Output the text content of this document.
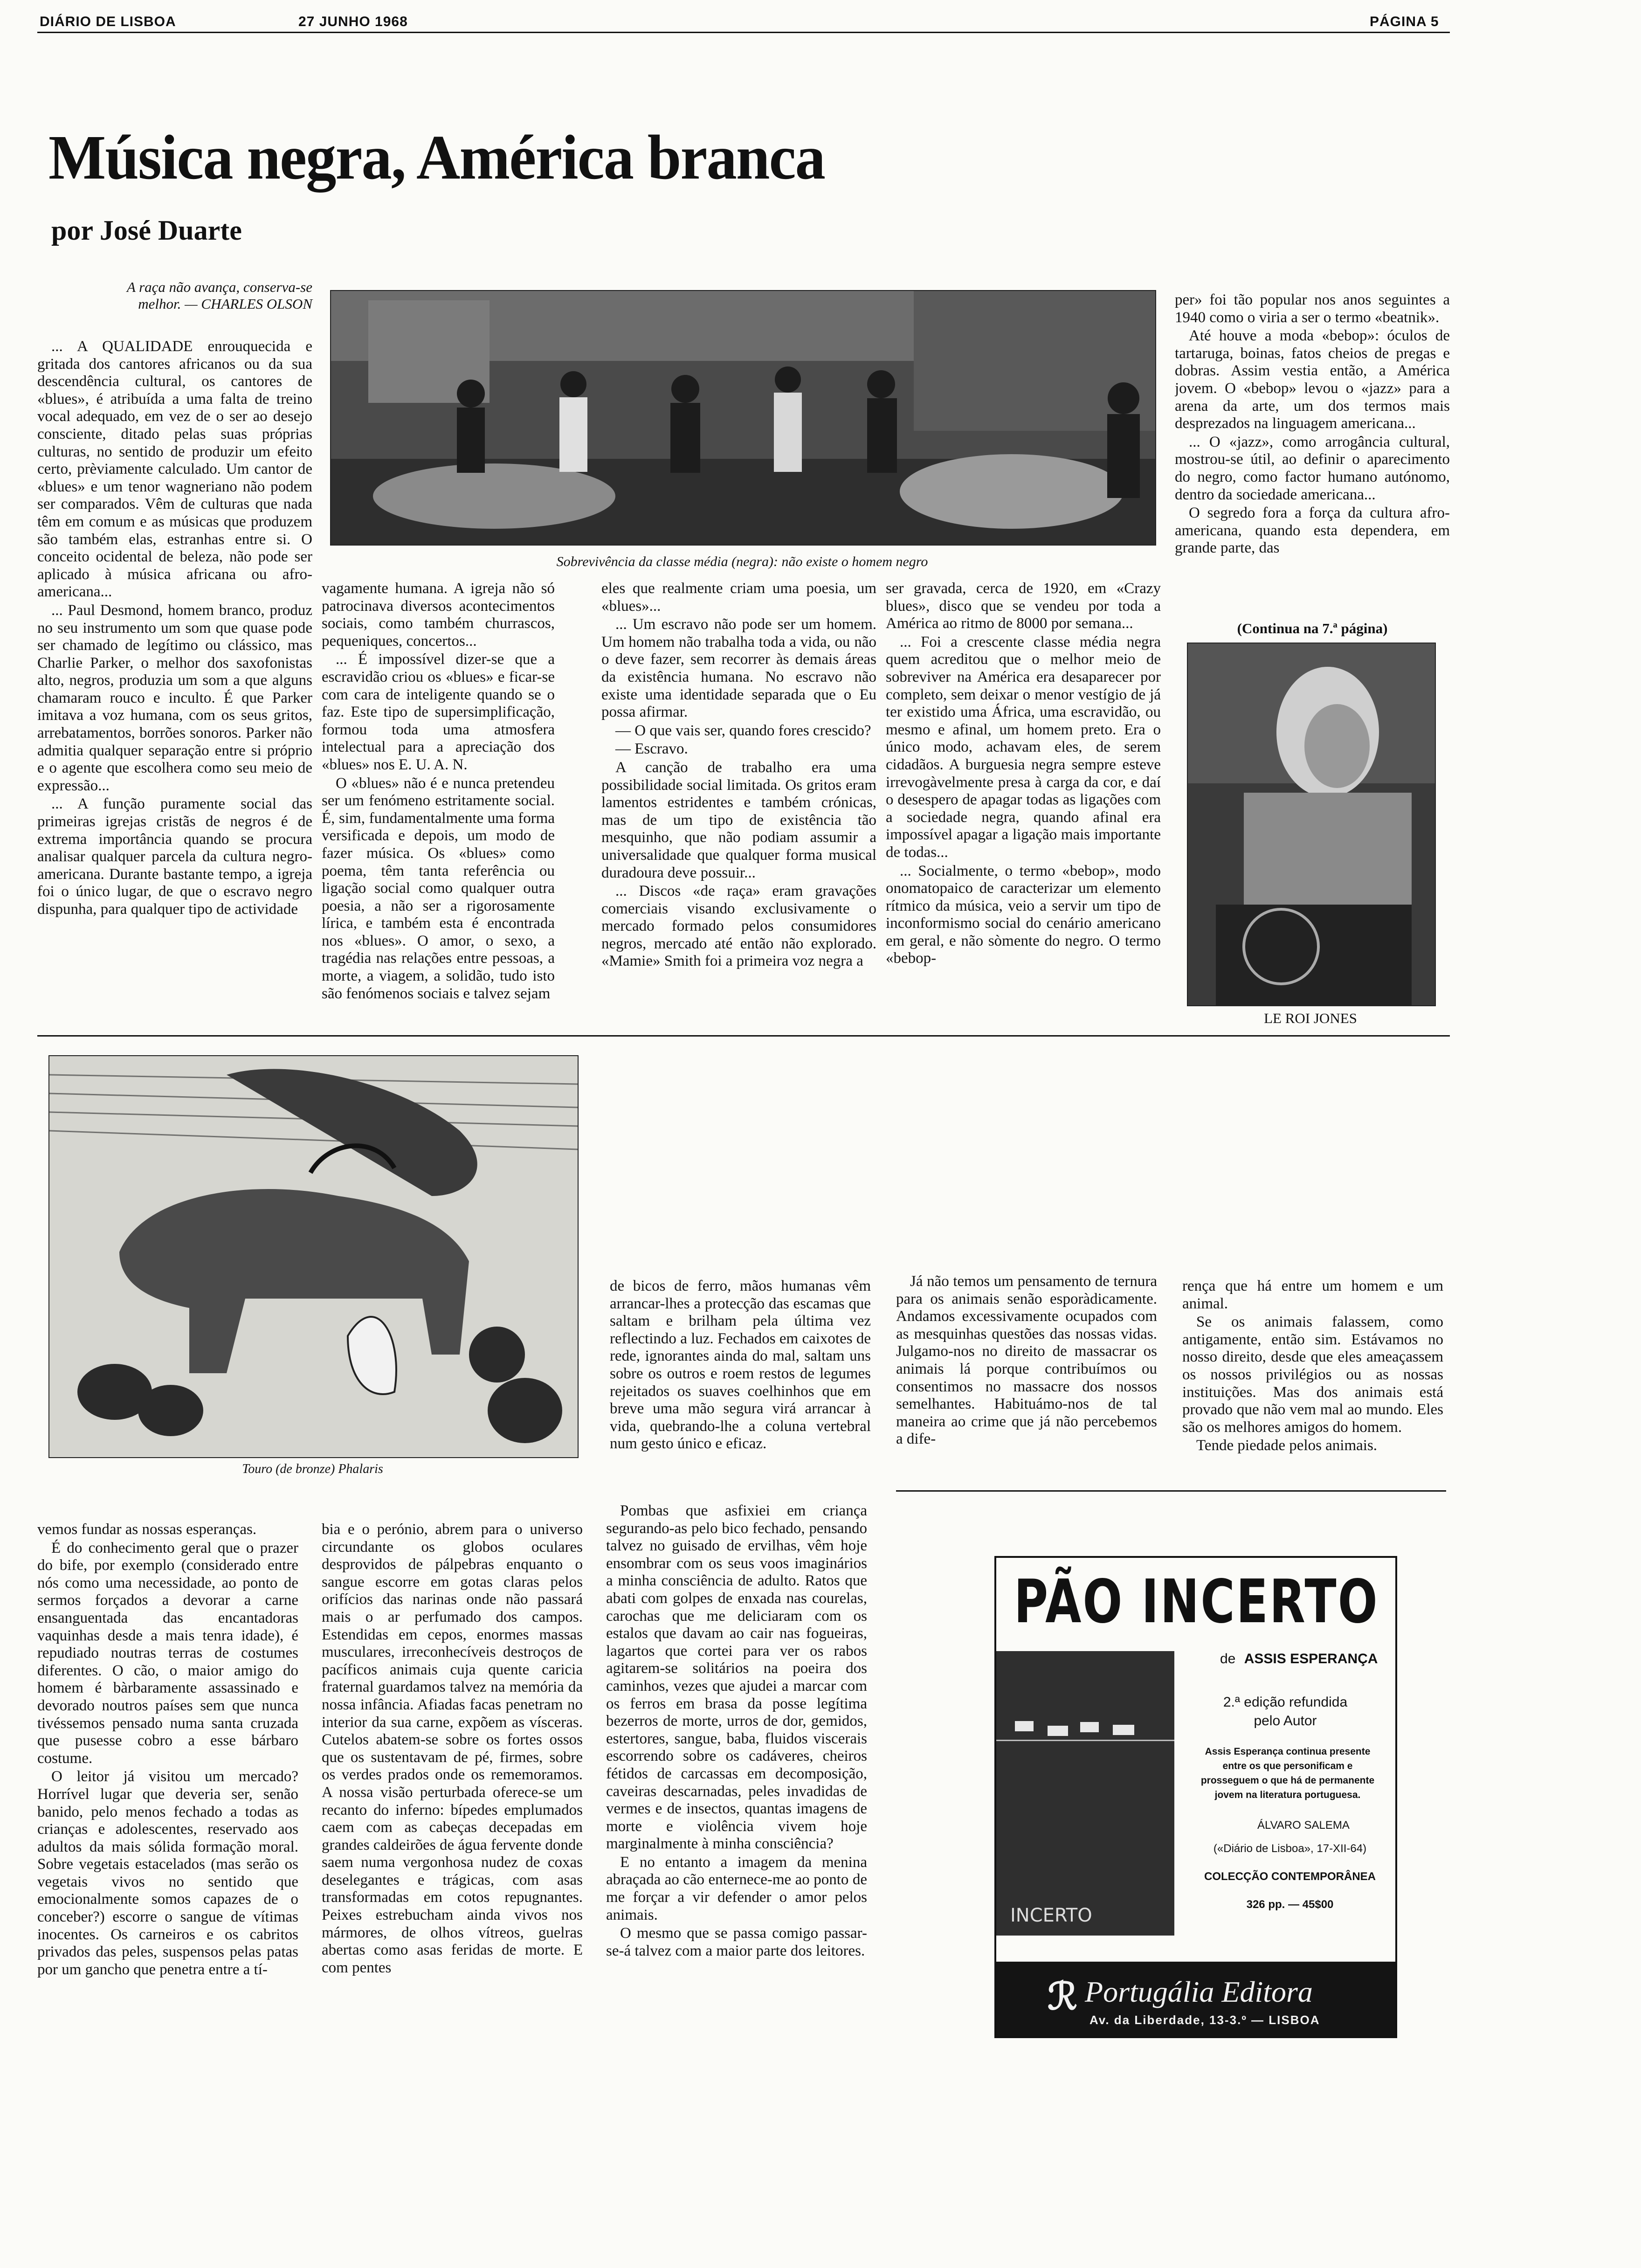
DIÁRIO DE LISBOA	27 JUNHO 1968	PÁGINA 5
Música negra, América branca
por José Duarte
A raça não avança, conserva-se
melhor. — CHARLES OLSON

... A QUALIDADE enrouquecida e gritada dos cantores africanos ou da sua descendência cultural, os cantores de «blues», é atribuída a uma falta de treino vocal adequado, em vez de o ser ao desejo consciente, ditado pelas suas próprias culturas, no sentido de produzir um efeito certo, prèviamente calculado. Um cantor de «blues» e um tenor wagneriano não podem ser comparados. Vêm de culturas que nada têm em comum e as músicas que produzem são também elas, estranhas entre si. O conceito ocidental de beleza, não pode ser aplicado à música africana ou afro-americana...

... Paul Desmond, homem branco, produz no seu instrumento um som que quase pode ser chamado de legítimo ou clássico, mas Charlie Parker, o melhor dos saxofonistas alto, negros, produzia um som a que alguns chamaram rouco e inculto. É que Parker imitava a voz humana, com os seus gritos, arrebatamentos, borrões sonoros. Parker não admitia qualquer separação entre si próprio e o agente que escolhera como seu meio de expressão...

... A função puramente social das primeiras igrejas cristãs de negros é de extrema importância quando se procura analisar qualquer parcela da cultura negro-americana. Durante bastante tempo, a igreja foi o único lugar, de que o escravo negro dispunha, para qualquer tipo de actividade

Sobrevivência da classe média (negra): não existe o homem negro

vagamente humana. A igreja não só patrocinava diversos acontecimentos sociais, como também churrascos, pequeniques, concertos...

... É impossível dizer-se que a escravidão criou os «blues» e ficar-se com cara de inteligente quando se o faz. Este tipo de supersimplificação, formou toda uma atmosfera intelectual para a apreciação dos «blues» nos E. U. A. N.

O «blues» não é e nunca pretendeu ser um fenómeno estritamente social. É, sim, fundamentalmente uma forma versificada e depois, um modo de fazer música. Os «blues» como poema, têm tanta referência ou ligação social como qualquer outra poesia, a não ser a rigorosamente lírica, e também esta é encontrada nos «blues». O amor, o sexo, a tragédia nas relações entre pessoas, a morte, a viagem, a solidão, tudo isto são fenómenos sociais e talvez sejam

eles que realmente criam uma poesia, um «blues»...

... Um escravo não pode ser um homem. Um homem não trabalha toda a vida, ou não o deve fazer, sem recorrer às demais áreas da existência humana. No escravo não existe uma identidade separada que o Eu possa afirmar.

— O que vais ser, quando fores crescido?

— Escravo.

A canção de trabalho era uma possibilidade social limitada. Os gritos eram lamentos estridentes e também crónicas, mas de um tipo de existência tão mesquinho, que não podiam assumir a universalidade que qualquer forma musical duradoura deve possuir...

... Discos «de raça» eram gravações comerciais visando exclusivamente o mercado formado pelos consumidores negros, mercado até então não explorado. «Mamie» Smith foi a primeira voz negra a

ser gravada, cerca de 1920, em «Crazy blues», disco que se vendeu por toda a América ao ritmo de 8000 por semana...

... Foi a crescente classe média negra quem acreditou que o melhor meio de sobreviver na América era desaparecer por completo, sem deixar o menor vestígio de já ter existido uma África, uma escravidão, ou mesmo e afinal, um homem preto. Era o único modo, achavam eles, de serem cidadãos. A burguesia negra sempre esteve irrevogàvelmente presa à carga da cor, e daí o desespero de apagar todas as ligações com a sociedade negra, quando afinal era impossível apagar a ligação mais importante de todas...

... Socialmente, o termo «bebop», modo onomatopaico de caracterizar um elemento rítmico da música, veio a servir um tipo de inconformismo social do cenário americano em geral, e não sòmente do negro. O termo «bebop-

per» foi tão popular nos anos seguintes a 1940 como o viria a ser o termo «beatnik».

Até houve a moda «bebop»: óculos de tartaruga, boinas, fatos cheios de pregas e dobras. Assim vestia então, a América jovem. O «bebop» levou o «jazz» para a arena da arte, um dos termos mais desprezados na linguagem americana...

... O «jazz», como arrogância cultural, mostrou-se útil, ao definir o aparecimento do negro, como factor humano autónomo, dentro da sociedade americana...

O segredo fora a força da cultura afro-americana, quando esta dependera, em grande parte, das

(Continua na 7.ª página)
LE ROI JONES
Touro (de bronze) Phalaris

de bicos de ferro, mãos humanas vêm arrancar-lhes a protecção das escamas que saltam e brilham pela última vez reflectindo a luz. Fechados em caixotes de rede, ignorantes ainda do mal, saltam uns sobre os outros e roem restos de legumes rejeitados os suaves coelhinhos que em breve uma mão segura virá arrancar à vida, quebrando-lhe a coluna vertebral num gesto único e eficaz.

Já não temos um pensamento de ternura para os animais senão esporàdicamente. Andamos excessivamente ocupados com as mesquinhas questões das nossas vidas. Julgamo-nos no direito de massacrar os animais lá porque contribuímos ou consentimos no massacre dos nossos semelhantes. Habituámo-nos de tal maneira ao crime que já não percebemos a dife-

rença que há entre um homem e um animal.

Se os animais falassem, como antigamente, então sim. Estávamos no nosso direito, desde que eles ameaçassem os nossos privilégios ou as nossas instituições. Mas dos animais está provado que não vem mal ao mundo. Eles são os melhores amigos do homem.

Tende piedade pelos animais.

vemos fundar as nossas esperanças.

É do conhecimento geral que o prazer do bife, por exemplo (considerado entre nós como uma necessidade, ao ponto de sermos forçados a devorar a carne ensanguentada das encantadoras vaquinhas desde a mais tenra idade), é repudiado noutras terras de costumes diferentes. O cão, o maior amigo do homem é bàrbaramente assassinado e devorado noutros países sem que nunca tivéssemos pensado numa santa cruzada que pusesse cobro a esse bárbaro costume.

O leitor já visitou um mercado? Horrível lugar que deveria ser, senão banido, pelo menos fechado a todas as crianças e adolescentes, reservado aos adultos da mais sólida formação moral. Sobre vegetais estacelados (mas serão os vegetais vivos no sentido que emocionalmente somos capazes de o conceber?) escorre o sangue de vítimas inocentes. Os carneiros e os cabritos privados das peles, suspensos pelas patas por um gancho que penetra entre a tí-

bia e o perónio, abrem para o universo circundante os globos oculares desprovidos de pálpebras enquanto o sangue escorre em gotas claras pelos orifícios das narinas onde não passará mais o ar perfumado dos campos. Estendidas em cepos, enormes massas musculares, irreconhecíveis destroços de pacíficos animais cuja quente caricia fraternal guardamos talvez na memória da nossa infância. Afiadas facas penetram no interior da sua carne, expõem as vísceras. Cutelos abatem-se sobre os fortes ossos que os sustentavam de pé, firmes, sobre os verdes prados onde os rememoramos. A nossa visão perturbada oferece-se um recanto do inferno: bípedes emplumados caem com as cabeças decepadas em grandes caldeirões de água fervente donde saem numa vergonhosa nudez de coxas deselegantes e trágicas, com asas transformadas em cotos repugnantes. Peixes estrebucham ainda vivos nos mármores, de olhos vítreos, guelras abertas como asas feridas de morte. E com pentes

Pombas que asfixiei em criança segurando-as pelo bico fechado, pensando talvez no guisado de ervilhas, vêm hoje ensombrar com os seus voos imaginários a minha consciência de adulto. Ratos que abati com golpes de enxada nas courelas, carochas que me deliciaram com os estalos que davam ao cair nas fogueiras, lagartos que cortei para ver os rabos agitarem-se solitários na poeira dos caminhos, vezes que ajudei a marcar com os ferros em brasa da posse legítima bezerros de morte, urros de dor, gemidos, estertores, sangue, baba, fluidos viscerais escorrendo sobre os cadáveres, cheiros fétidos de carcassas em decomposição, caveiras descarnadas, peles invadidas de vermes e de insectos, quantas imagens de morte e violência vivem hoje marginalmente à minha consciência?

E no entanto a imagem da menina abraçada ao cão enternece-me ao ponto de me forçar a vir defender o amor pelos animais.

O mesmo que se passa comigo passar-se-á talvez com a maior parte dos leitores.

PÃO INCERTO
de ASSIS ESPERANÇA
INCERTO
2.ª edição refundida
pelo Autor
Assis Esperança continua presente entre os que personificam e prosseguem o que há de permanente jovem na literatura portuguesa.
ÁLVARO SALEMA
(«Diário de Lisboa», 17-XII-64)
COLECÇÃO CONTEMPORÂNEA
326 pp. — 45$00
ℛ Portugália Editora
Av. da Liberdade, 13-3.º — LISBOA
